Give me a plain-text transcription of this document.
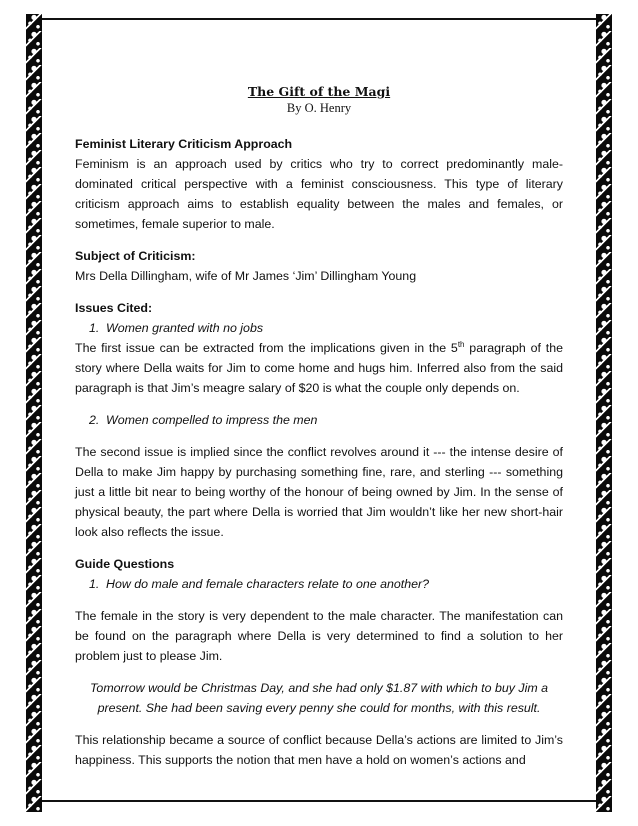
The Gift of the Magi
By O. Henry
Feminist Literary Criticism Approach

Feminism is an approach used by critics who try to correct predominantly male-dominated critical perspective with a feminist consciousness. This type of literary criticism approach aims to establish equality between the males and females, or sometimes, female superior to male.

Subject of Criticism:

Mrs Della Dillingham, wife of Mr James ‘Jim’ Dillingham Young

Issues Cited:
1. Women granted with no jobs

The first issue can be extracted from the implications given in the 5th paragraph of the story where Della waits for Jim to come home and hugs him. Inferred also from the said paragraph is that Jim’s meagre salary of $20 is what the couple only depends on.

2. Women compelled to impress the men

The second issue is implied since the conflict revolves around it --- the intense desire of Della to make Jim happy by purchasing something fine, rare, and sterling --- something just a little bit near to being worthy of the honour of being owned by Jim. In the sense of physical beauty, the part where Della is worried that Jim wouldn’t like her new short-hair look also reflects the issue.

Guide Questions
1. How do male and female characters relate to one another?

The female in the story is very dependent to the male character. The manifestation can be found on the paragraph where Della is very determined to find a solution to her problem just to please Jim.

Tomorrow would be Christmas Day, and she had only $1.87 with which to buy Jim a present. She had been saving every penny she could for months, with this result.

This relationship became a source of conflict because Della’s actions are limited to Jim’s happiness. This supports the notion that men have a hold on women’s actions and
